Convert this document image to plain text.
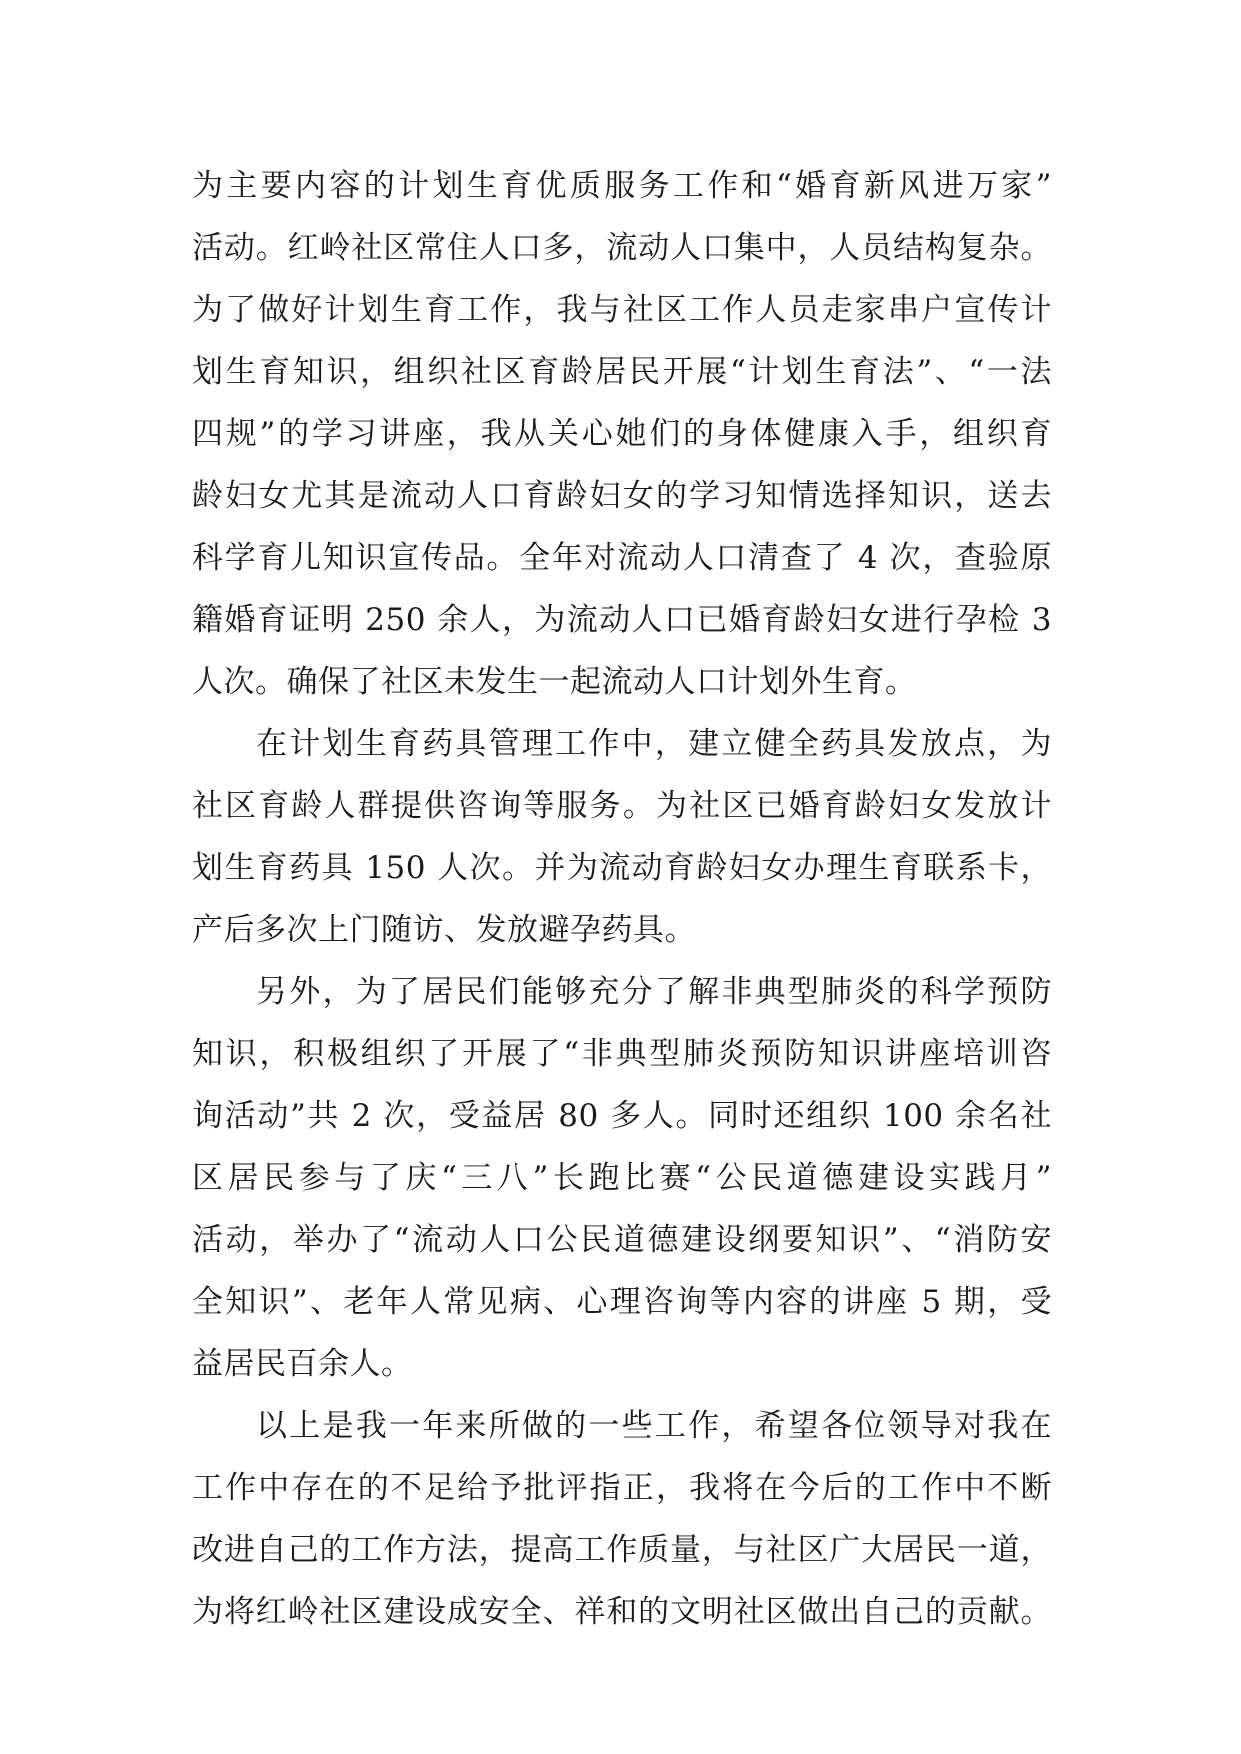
为主要内容的计划生育优质服务工作和“婚育新风进万家”
活动。红岭社区常住人口多，流动人口集中，人员结构复杂。
为了做好计划生育工作，我与社区工作人员走家串户宣传计
划生育知识，组织社区育龄居民开展“计划生育法”、“一法
四规”的学习讲座，我从关心她们的身体健康入手，组织育
龄妇女尤其是流动人口育龄妇女的学习知情选择知识，送去
科学育儿知识宣传品。全年对流动人口清查了 4 次，查验原
籍婚育证明 250 余人，为流动人口已婚育龄妇女进行孕检 3
人次。确保了社区未发生一起流动人口计划外生育。
在计划生育药具管理工作中，建立健全药具发放点，为
社区育龄人群提供咨询等服务。为社区已婚育龄妇女发放计
划生育药具 150 人次。并为流动育龄妇女办理生育联系卡，
产后多次上门随访、发放避孕药具。
另外，为了居民们能够充分了解非典型肺炎的科学预防
知识，积极组织了开展了“非典型肺炎预防知识讲座培训咨
询活动”共 2 次，受益居 80 多人。同时还组织 100 余名社
区居民参与了庆“三八”长跑比赛“公民道德建设实践月”
活动，举办了“流动人口公民道德建设纲要知识”、“消防安
全知识”、老年人常见病、心理咨询等内容的讲座 5 期，受
益居民百余人。
以上是我一年来所做的一些工作，希望各位领导对我在
工作中存在的不足给予批评指正，我将在今后的工作中不断
改进自己的工作方法，提高工作质量，与社区广大居民一道，
为将红岭社区建设成安全、祥和的文明社区做出自己的贡献。
